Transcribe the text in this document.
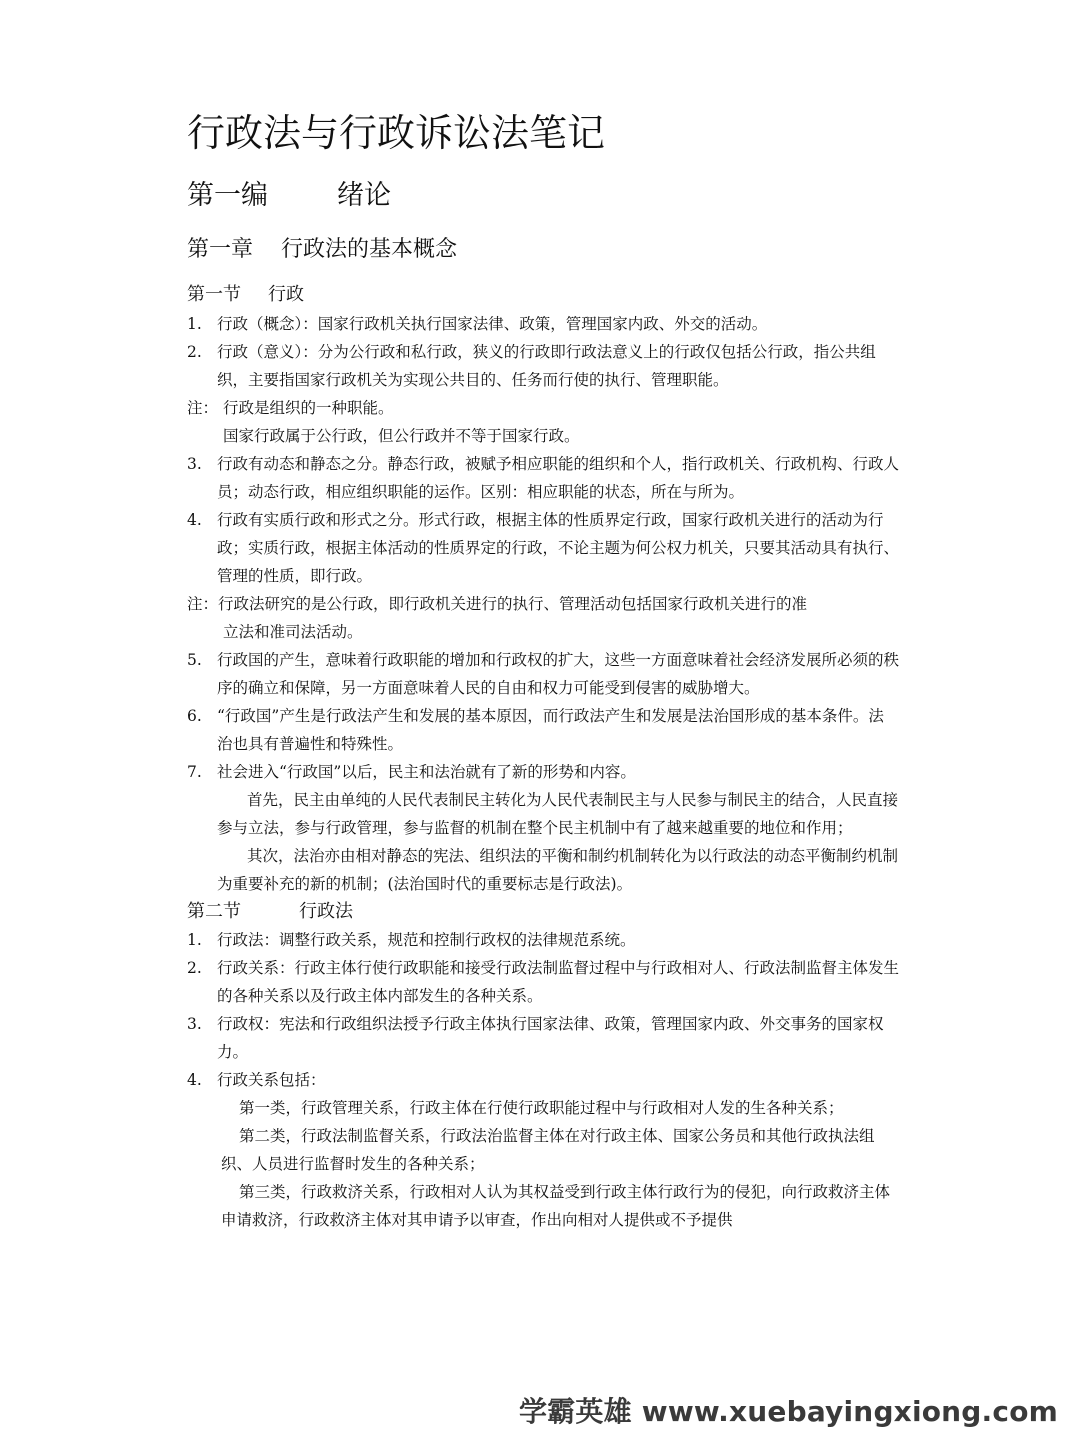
行政法与行政诉讼法笔记
第一编	绪论
第一章 行政法的基本概念
第一节 行政

1. 行政（概念）：国家行政机关执行国家法律、政策，管理国家内政、外交的活动。

2. 行政（意义）：分为公行政和私行政，狭义的行政即行政法意义上的行政仅包括公行政，指公共组织，主要指国家行政机关为实现公共目的、任务而行使的执行、管理职能。

注： 行政是组织的一种职能。
国家行政属于公行政，但公行政并不等于国家行政。

3. 行政有动态和静态之分。静态行政，被赋予相应职能的组织和个人，指行政机关、行政机构、行政人员；动态行政，相应组织职能的运作。区别：相应职能的状态，所在与所为。

4. 行政有实质行政和形式之分。形式行政，根据主体的性质界定行政，国家行政机关进行的活动为行政；实质行政，根据主体活动的性质界定的行政，不论主题为何公权力机关，只要其活动具有执行、管理的性质，即行政。

注：行政法研究的是公行政，即行政机关进行的执行、管理活动包括国家行政机关进行的准
立法和准司法活动。

5. 行政国的产生，意味着行政职能的增加和行政权的扩大，这些一方面意味着社会经济发展所必须的秩序的确立和保障，另一方面意味着人民的自由和权力可能受到侵害的威胁增大。

6. “行政国”产生是行政法产生和发展的基本原因，而行政法产生和发展是法治国形成的基本条件。法治也具有普遍性和特殊性。

7. 社会进入“行政国”以后，民主和法治就有了新的形势和内容。

首先，民主由单纯的人民代表制民主转化为人民代表制民主与人民参与制民主的结合，人民直接参与立法，参与行政管理，参与监督的机制在整个民主机制中有了越来越重要的地位和作用；

其次，法治亦由相对静态的宪法、组织法的平衡和制约机制转化为以行政法的动态平衡制约机制为重要补充的新的机制；(法治国时代的重要标志是行政法)。

第二节	行政法

1. 行政法：调整行政关系，规范和控制行政权的法律规范系统。

2. 行政关系：行政主体行使行政职能和接受行政法制监督过程中与行政相对人、行政法制监督主体发生的各种关系以及行政主体内部发生的各种关系。

3. 行政权：宪法和行政组织法授予行政主体执行国家法律、政策，管理国家内政、外交事务的国家权力。

4. 行政关系包括：

第一类，行政管理关系，行政主体在行使行政职能过程中与行政相对人发的生各种关系；

第二类，行政法制监督关系，行政法治监督主体在对行政主体、国家公务员和其他行政执法组织、人员进行监督时发生的各种关系；

第三类，行政救济关系，行政相对人认为其权益受到行政主体行政行为的侵犯，向行政救济主体申请救济，行政救济主体对其申请予以审查，作出向相对人提供或不予提供

学霸英雄 www.xuebayingxiong.com
